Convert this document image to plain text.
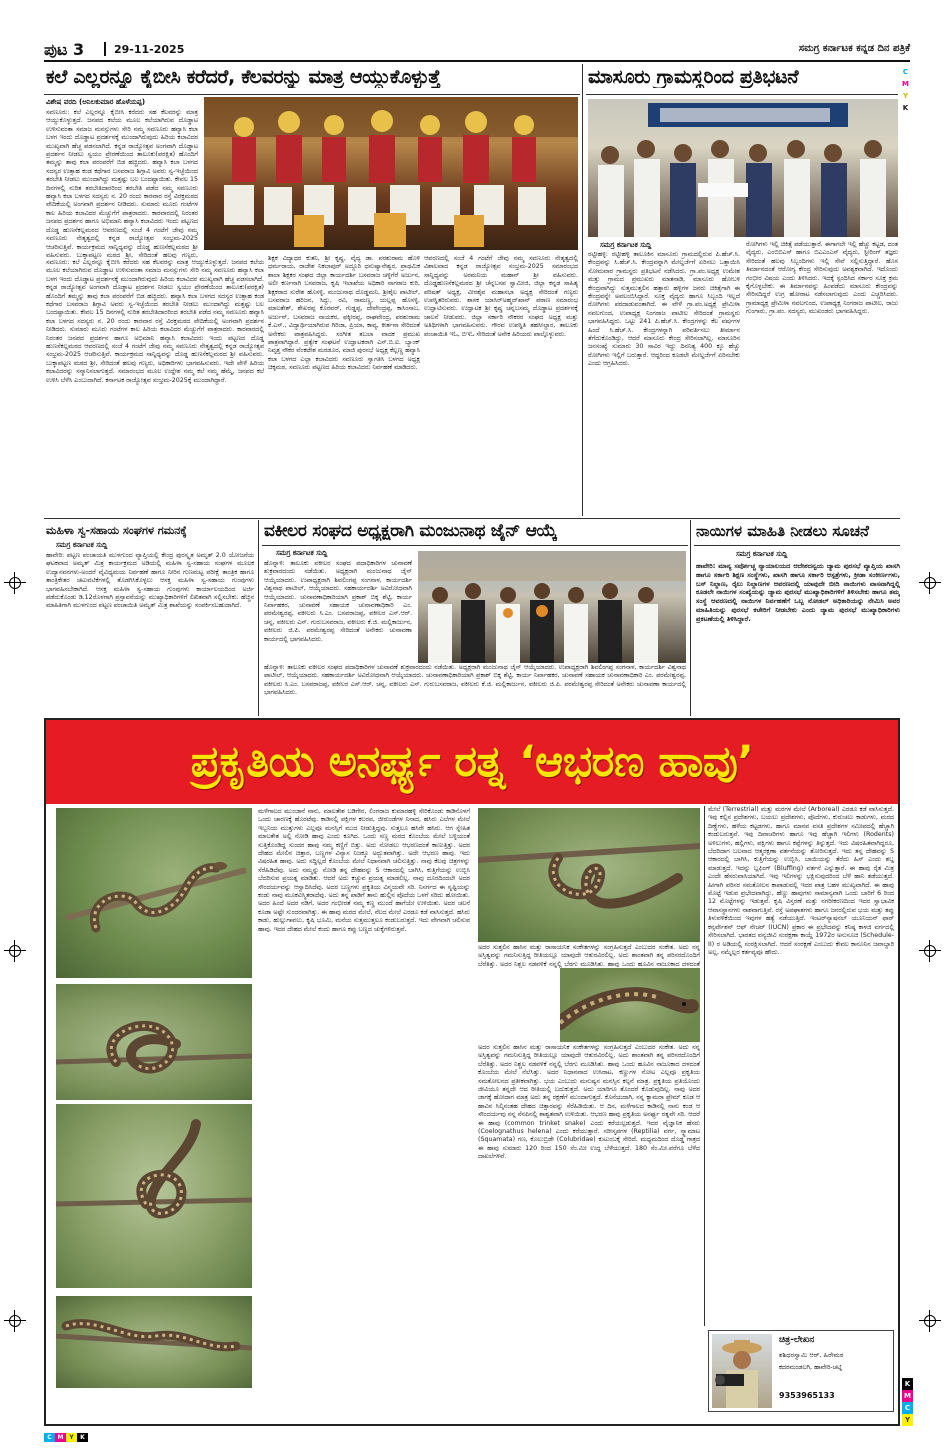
ಪುಟ 3	29-11-2025	ಸಮಗ್ರ ಕರ್ನಾಟಕ ಕನ್ನಡ ದಿನ ಪತ್ರಿಕೆ
C
M
Y
K
K
M
C
Y
C M Y	K
ಕಲೆ ಎಲ್ಲರನ್ನೂ ಕೈಬೀಸಿ ಕರೆದರೆ, ಕೆಲವರನ್ನು ಮಾತ್ರ ಆಯ್ದುಕೊಳ್ಳುತ್ತೆ
ವಿಶೇಷ ವರದಿ (ಅನಿಲಕುಮಾರ ಹೊಳೆಯಪ್ಪ)
ಸವಣೂರು: ಕಲೆ ಎಲ್ಲರನ್ನೂ ಕೈಬೀಸಿ ಕರೆದರು ಸಹ ಕೆಲವರನ್ನು ಮಾತ್ರ ಆಯ್ದುಕೊಳ್ಳುತ್ತದೆ. ಜನಪದ ಕಲೆಯ ಮೂಲ ಕಲೆಯಾಗಿರುವ ದೊಡ್ಡಾಟ ಉಳಿಸುವಂತಾ ಸಮಾಜ ಮನಸ್ಸುಗಳು ಸೇರಿ ನಮ್ಮ ಸವಣೂರು ಹವ್ಯಾಸಿ ಕಲಾ ಬಳಗ ಇಂದು ದೊಡ್ಡಾಟ ಪ್ರದರ್ಶನಕ್ಕೆ ಮುಂದಾಗಿರುವುದು ಹಿರಿಯ ಕಲಾವಿದರ ಮುಖ್ಯವಾಗಿ ಹೆಚ್ಚ ಪಡಸಲಾಗಿದೆ. ಕನ್ನಡ ರಾಜ್ಯೋತ್ಸವ ಅಂಗವಾಗಿ ದೊಡ್ಡಾಟ ಪ್ರದರ್ಶನ ನೀಡಲು ಸ್ವಯಂ ಪ್ರೇರಣೆಯಿಂದ ತಾಲೂಕು(ಪರಕ್ಷಿತ) ಹೊಂದಿಗೆ ತಮ್ಮನ್ನು ತಾವು ಕಲಾ ಪರಂಪರೆಗೆ ಬಿಡ ಹಚ್ಚಿದರು. ಹವ್ಯಾಸಿ ಕಲಾ ಬಳಗದ ಸದಸ್ಯರ ಉತ್ಸಾಹ ಕಂಡ ಕಥೆಗಾರ ಬಸವರಾಜ ಶಿಗ್ಗಾವಿ ಅವರು ಸ್ವ-ಇಚ್ಛೆಯಿಂದ ತರಬೇತಿ ನೀಡಲು ಮುಂದಾಗಿದ್ದು ಮತ್ತಷ್ಟು ಬಲ ಬಂದಷ್ಟಾಯಿತು. ಕೇವಲ 15 ದಿನಗಳಲ್ಲಿ ನುರಿತ ತರಬೇತಿದಾರರಿಂದ ತರಬೇತಿ ಪಡೆದ ನಮ್ಮ ಸವಣೂರು ಹವ್ಯಾಸಿ ಕಲಾ ಬಳಗದ ಸದಸ್ಯರು ನ. 20 ರಂದು ಕಾರವಾರ ರಸ್ತೆ ವಿರಕ್ತಮಠದ ವೇದಿಕೆಯಲ್ಲಿ ಅಂಗವಾಗಿ ಪ್ರದರ್ಶನ ನೀಡಿದರು. ಸುಮಾರು ಮೂರು ಗಂಟೆಗಳ ಕಾಲ ಹಿರಿಯ ಕಲಾವಿದರ ಮೆಚ್ಚುಗೆಗೆ ಪಾತ್ರರಾದರು. ಕಾರವಾರದಲ್ಲಿ ನಿರಂತರ ಜನಪದ ಪ್ರದರ್ಶನ ಹಾಗೂ ಅಭಿಮಾನಿ ಹವ್ಯಾಸಿ ಕಲಾವಿದರು ಇಂದು ಪಟ್ಟಣದ ದೊಡ್ಡ ಹುಣಸೆಕಲ್ಲಮಠದ ಆವರಣದಲ್ಲಿ ಸಂಜೆ 4 ಗಂಟೆಗೆ ಜೇವು ನಮ್ಮ ಸವಣೂರು ನೇತೃತ್ವದಲ್ಲಿ ಕನ್ನಡ ರಾಜ್ಯೋತ್ಸವ ಸಂಭ್ರಮ-2025 ಆಚರಿಸುತ್ತಿವೆ. ಕಾರ್ಯಕ್ರಮದ ಸಾನ್ನಿಧ್ಯವನ್ನು ದೊಡ್ಡ ಹುಣಸೆಕಲ್ಲಮಠದ ಶ್ರೀ ವಹಿಸುವರು. ಬುಕ್ಕಾಪಟ್ಟಣ ಮಠದ ಶ್ರೀ, ಸೇರಿದಂತೆ ಹಲವು ಗಣ್ಯರು,
ಸವಣೂರು: ಕಲೆ ಎಲ್ಲರನ್ನೂ ಕೈಬೀಸಿ ಕರೆದರು ಸಹ ಕೆಲವರನ್ನು ಮಾತ್ರ ಆಯ್ದುಕೊಳ್ಳುತ್ತದೆ. ಜನಪದ ಕಲೆಯ ಮೂಲ ಕಲೆಯಾಗಿರುವ ದೊಡ್ಡಾಟ ಉಳಿಸುವಂತಾ ಸಮಾಜ ಮನಸ್ಸುಗಳು ಸೇರಿ ನಮ್ಮ ಸವಣೂರು ಹವ್ಯಾಸಿ ಕಲಾ ಬಳಗ ಇಂದು ದೊಡ್ಡಾಟ ಪ್ರದರ್ಶನಕ್ಕೆ ಮುಂದಾಗಿರುವುದು ಹಿರಿಯ ಕಲಾವಿದರ ಮುಖ್ಯವಾಗಿ ಹೆಚ್ಚ ಪಡಸಲಾಗಿದೆ. ಕನ್ನಡ ರಾಜ್ಯೋತ್ಸವ ಅಂಗವಾಗಿ ದೊಡ್ಡಾಟ ಪ್ರದರ್ಶನ ನೀಡಲು ಸ್ವಯಂ ಪ್ರೇರಣೆಯಿಂದ ತಾಲೂಕು(ಪರಕ್ಷಿತ) ಹೊಂದಿಗೆ ತಮ್ಮನ್ನು ತಾವು ಕಲಾ ಪರಂಪರೆಗೆ ಬಿಡ ಹಚ್ಚಿದರು. ಹವ್ಯಾಸಿ ಕಲಾ ಬಳಗದ ಸದಸ್ಯರ ಉತ್ಸಾಹ ಕಂಡ ಕಥೆಗಾರ ಬಸವರಾಜ ಶಿಗ್ಗಾವಿ ಅವರು ಸ್ವ-ಇಚ್ಛೆಯಿಂದ ತರಬೇತಿ ನೀಡಲು ಮುಂದಾಗಿದ್ದು ಮತ್ತಷ್ಟು ಬಲ ಬಂದಷ್ಟಾಯಿತು. ಕೇವಲ 15 ದಿನಗಳಲ್ಲಿ ನುರಿತ ತರಬೇತಿದಾರರಿಂದ ತರಬೇತಿ ಪಡೆದ ನಮ್ಮ ಸವಣೂರು ಹವ್ಯಾಸಿ ಕಲಾ ಬಳಗದ ಸದಸ್ಯರು ನ. 20 ರಂದು ಕಾರವಾರ ರಸ್ತೆ ವಿರಕ್ತಮಠದ ವೇದಿಕೆಯಲ್ಲಿ ಅಂಗವಾಗಿ ಪ್ರದರ್ಶನ ನೀಡಿದರು. ಸುಮಾರು ಮೂರು ಗಂಟೆಗಳ ಕಾಲ ಹಿರಿಯ ಕಲಾವಿದರ ಮೆಚ್ಚುಗೆಗೆ ಪಾತ್ರರಾದರು. ಕಾರವಾರದಲ್ಲಿ ನಿರಂತರ ಜನಪದ ಪ್ರದರ್ಶನ ಹಾಗೂ ಅಭಿಮಾನಿ ಹವ್ಯಾಸಿ ಕಲಾವಿದರು ಇಂದು ಪಟ್ಟಣದ ದೊಡ್ಡ ಹುಣಸೆಕಲ್ಲಮಠದ ಆವರಣದಲ್ಲಿ ಸಂಜೆ 4 ಗಂಟೆಗೆ ಜೇವು ನಮ್ಮ ಸವಣೂರು ನೇತೃತ್ವದಲ್ಲಿ ಕನ್ನಡ ರಾಜ್ಯೋತ್ಸವ ಸಂಭ್ರಮ-2025 ಆಚರಿಸುತ್ತಿವೆ. ಕಾರ್ಯಕ್ರಮದ ಸಾನ್ನಿಧ್ಯವನ್ನು ದೊಡ್ಡ ಹುಣಸೆಕಲ್ಲಮಠದ ಶ್ರೀ ವಹಿಸುವರು. ಬುಕ್ಕಾಪಟ್ಟಣ ಮಠದ ಶ್ರೀ, ಸೇರಿದಂತೆ ಹಲವು ಗಣ್ಯರು, ಅಧಿಕಾರಿಗಳು ಭಾಗವಹಿಸುವರು. ಇದೇ ವೇಳೆ ಹಿರಿಯ ಕಲಾವಿದರನ್ನು ಸನ್ಮಾನಿಸಲಾಗುತ್ತದೆ. ಸಮಾರಂಭದ ಮೂಲ ಉದ್ದೇಶ ನಮ್ಮ ಕಲೆ ನಮ್ಮ ಹೆಮ್ಮೆ, ಜನಪದ ಕಲೆ ಉಳಿಸಿ ಬೆಳೆಸಿ ಎಂಬುದಾಗಿದೆ. ಕರ್ನಾಟಕ ರಾಜ್ಯೋತ್ಸವ ಸಂಭ್ರಮ-2025ಕ್ಕೆ ಮುಂದಾಗಿದ್ದಾರೆ.
ಶಿಕ್ಷಕ ವಿದ್ಯಾಧರ ಕುತನಿ, ಶ್ರೀ ಕೃಷ್ಣ, ವೈದ್ಯ ಡಾ. ಪರಶುರಾಮ ಹೊಳಿ ಧರ್ಮರಾಯ, ರಾಜೇಶ ನಿಕಲಾಪುರ್ ಅದ್ದೂರಿ ಧನುಷ್ಯಾನೇಶ್ವರ, ಪ್ರಾಥಮಿಕ ಶಾಲಾ ಶಿಕ್ಷಕರ ಸಂಘದ ಜಿಲ್ಲಾ ಕಾರ್ಯದರ್ಶಿ ಬಸವರಾಜ ಚಳ್ಳಿಗೆರೆ ಅರ್ಜುನ, ಅಲೀ ಕರ್ಣನಾಗಿ ಬಸವರಾಜ, ಕೃಷಿ ಇಲಾಖೆಯ ಅಧಿಕಾರಿ ನಾಗರಾಜ ಕುರಿ, ಶಿಕ್ಷಕರಾದ ಸುರೇಶ ಹೊಸಳ್ಳಿ, ಮಂಜುನಾಥ ದೊಡ್ಡಮನಿ, ಶ್ರೀಶೈಲ ಪಾಟೀಲ್, ಬಸವರಾಜ ಹರಿಜನ, ಸಿದ್ದು, ರವಿ, ರಾಮಣ್ಣ, ಯಲ್ಲಪ್ಪ ಹೊಸಳ್ಳಿ, ಮಾಲತೇಶ್, ಶೇಖರಪ್ಪ ಕೊರವರ್, ಗುಡ್ಡಪ್ಪ, ದೇವೇಂದ್ರಪ್ಪ, ಕಾಸಿಂಸಾಬ, ಅರ್ಜುನ್, ಬಸವರಾಜ ನಾಯಕರ, ಫಕ್ಕೀರಪ್ಪ, ರಾಘವೇಂದ್ರ, ಪರಶುರಾಮ ಕೆ.ಎಸ್., ವಿದ್ಯಾರ್ಥಿಯಾಗಿರುವ ಗಿರಿಜಾ, ಪ್ರಿಯಾ, ಕಾವ್ಯ, ಕೀರ್ತನಾ ಸೇರಿದಂತೆ ಅನೇಕರು ಪಾತ್ರವಹಿಸಿದ್ದರು. ಸಂಗೀತ ತಬಲಾ ವಾದಕ ಪ್ರಮುಖ ಪಾತ್ರವಾಗಿದ್ದಾರೆ. ಪ್ರತ್ಯೇಕ ಸಂಘಟನೆ ಉದ್ಘಾಟಕರಾಗಿ ಎಸ್.ಬಿ.ಐ. ಬ್ಯಾಂಕ್ ನಿವೃತ್ತ ನೌಕರ ವೆಂಕಟೇಶ ಮರಡೂರ, ಮಾಜಿ ಪುರಸಭೆ ಅಧ್ಯಕ್ಷ ಕೆಲ್ಲಣ್ಣ ಹವ್ಯಾಸಿ ಕಲಾ ಬಳಗದ ಎಲ್ಲಾ ಕಲಾವಿದರು ಸವಣೂರು ಸ್ವಾಗತಿಸಿ ಬಳಗದ ಅಧ್ಯಕ್ಷ ಚಿಕ್ಕಮಠ, ಸವಣೂರು ಪಟ್ಟಣದ ಹಿರಿಯ ಕಲಾವಿದರು ನಿರ್ವಹಣೆ ಮಾಡಿದರು.
ಆವರಣದಲ್ಲಿ ಸಂಜೆ 4 ಗಂಟೆಗೆ ಜೇವು ನಮ್ಮ ಸವಣೂರು ನೇತೃತ್ವದಲ್ಲಿ ವಿಶಾಲವಾದ ಕನ್ನಡ ರಾಜ್ಯೋತ್ಸವ ಸಂಭ್ರಮ-2025 ಸಮಾರಂಭದ ಸಾನ್ನಿಧ್ಯವನ್ನು ಅರಮನಿಯ ಮಹಾನ್ ಶ್ರೀ ವಹಿಸುವರು. ದೊಡ್ಡಹುಣಸೆಕಲ್ಲಮಠದ ಶ್ರೀ ಚೆನ್ನಬಸವ ಸ್ವಾಮೀಜಿ, ಜಿಲ್ಲಾ ಕನ್ನಡ ಸಾಹಿತ್ಯ ಪರಿಷತ್ ಅಧ್ಯಕ್ಷ, ವೀರಶೈವ ಮಹಾಸಭಾ ಅಧ್ಯಕ್ಷ ಸೇರಿದಂತೆ ಗಣ್ಯರು ಉಪಸ್ಥಿತರಿರುವರು. ಶಾಸಕ ಯಾಸಿರ್‌ಅಹ್ಮದ್‌ಖಾನ್ ಪಠಾಣ ಸಮಾರಂಭ ಉದ್ಘಾಟಿಸುವರು. ಉದ್ಘಾಟಕ ಶ್ರೀ ಕೃಷ್ಣ ಚನ್ನಬಸಮ್ಮ ದೊಡ್ಡಾಟ ಪ್ರದರ್ಶನಕ್ಕೆ ಚಾಲನೆ ನೀಡುವರು. ಜಿಲ್ಲಾ ಸರ್ಕಾರಿ ನೌಕರರ ಸಂಘದ ಅಧ್ಯಕ್ಷ ಮತ್ತು ಅತಿಥಿಗಳಾಗಿ ಭಾಗವಹಿಸುವರು. ಗೌರವ ಉಪಸ್ಥಿತಿ ತಹಸೀಲ್ದಾರ, ತಾಲೂಕು ಪಂಚಾಯಿತಿ ಇಓ, ಬಿಇಓ ಸೇರಿದಂತೆ ಅನೇಕ ಹಿರಿಯರು ಪಾಲ್ಗೊಳ್ಳುವರು.
ಮಾಸೂರು ಗ್ರಾಮಸ್ಥರಿಂದ ಪ್ರತಿಭಟನೆ
ಸಮಗ್ರ ಕರ್ನಾಟಕ ಸುದ್ದಿ
ರಟ್ಟೀಹಳ್ಳಿ: ರಟ್ಟೀಹಳ್ಳಿ ತಾಲೂಕಿನ ಮಾಸೂರು ಗ್ರಾಮದಲ್ಲಿರುವ ಪಿ.ಹೆಚ್.ಸಿ. ಕೇಂದ್ರವನ್ನು ಸಿ.ಹೆಚ್.ಸಿ. ಕೇಂದ್ರವನ್ನಾಗಿ ಮೇಲ್ದರ್ಜೆಗೆ ಏರಿಸಲು ಒತ್ತಾಯಿಸಿ ಸೋಮವಾರ ಗ್ರಾಮಸ್ಥರು ಪ್ರತಿಭಟನೆ ನಡೆಸಿದರು. ಗ್ರಾ.ಪಂ.ಅಧ್ಯಕ್ಷ ಉಮೇಶ ಮತ್ತು ಗ್ರಾಮದ ಪ್ರಮುಖರು ಮಾತನಾಡಿ, ಮಾಸೂರು ಹೋಬಳಿ ಕೇಂದ್ರವಾಗಿದ್ದು ಸುತ್ತಮುತ್ತಲಿನ ಹತ್ತಾರು ಹಳ್ಳಿಗಳ ಜನರು ಚಿಕಿತ್ಸೆಗಾಗಿ ಈ ಕೇಂದ್ರವನ್ನೇ ಅವಲಂಬಿಸಿದ್ದಾರೆ. ಸೂಕ್ತ ವೈದ್ಯರು ಹಾಗೂ ಸಿಬ್ಬಂದಿ ಇಲ್ಲದೆ ರೋಗಿಗಳು ಪರದಾಡುವಂತಾಗಿದೆ. ಈ ವೇಳೆ ಗ್ರಾ.ಪಂ.ಅಧ್ಯಕ್ಷೆ ಪ್ರೇಮಿಳಾ ನವಲಗುಂದ, ಉಪಾಧ್ಯಕ್ಷ ನಿಂಗರಾಜ ಪಾಟೀಲ ಸೇರಿದಂತೆ ಗ್ರಾಮಸ್ಥರು ಭಾಗವಹಿಸಿದ್ದರು. ಒಟ್ಟು 241 ಪಿ.ಹೆಚ್.ಸಿ. ಕೇಂದ್ರಗಳನ್ನು ಕೆಲ ವರ್ಷಗಳ ಹಿಂದೆ ಸಿ.ಹೆಚ್.ಸಿ. ಕೇಂದ್ರಗಳನ್ನಾಗಿ ಪರಿವರ್ತಿಸಲು ತೀರ್ಮಾನ ತೆಗೆದುಕೊಂಡಿದ್ದು, ಆದರೆ ಮಾಸೂರು ಕೇಂದ್ರ ಸೇರಿಸಲಾಗಿಲ್ಲ. ಮಾಸೂರಿನ ಜನಸಂಖ್ಯೆ ಸುಮಾರು 30 ಸಾವಿರ ಇದ್ದು ದಿನನಿತ್ಯ 400 ಕ್ಕೂ ಹೆಚ್ಚು ರೋಗಿಗಳು ಇಲ್ಲಿಗೆ ಬರುತ್ತಾರೆ. ಆದ್ದರಿಂದ ಕೂಡಲೇ ಮೇಲ್ದರ್ಜೆಗೆ ಏರಿಸಬೇಕು ಎಂದು ಆಗ್ರಹಿಸಿದರು.
ರೋಗಿಗಳು ಇಲ್ಲಿ ಚಿಕಿತ್ಸೆ ಪಡೆಯುತ್ತಾರೆ. ಈಗಾಗಲೇ ಇಲ್ಲಿ ಹೆಚ್ಚು ಕಟ್ಟಡ, ದಂತ ವೈದ್ಯರು, ಎಂಬಿಬಿಎಸ್ ಹಾಗೂ ಬಿಎಎಂಎಸ್ ವೈದ್ಯರು, ಸ್ಟೀರಿಂಗ್ ತಜ್ಞರು ಸೇರಿದಂತೆ ಹಲವು ಸಿಬ್ಬಂದಿಗಳು ಇಲ್ಲಿ ಸೇವೆ ಸಲ್ಲಿಸುತ್ತಿದ್ದಾರೆ. ಹೊಸ ತಿರ್ಮಾನದಂತೆ ಆರೋಗ್ಯ ಕೇಂದ್ರ ಸೇರಿಸುವುದು ಅವಶ್ಯಕವಾಗಿದೆ. ಇದೊಂದು ಗಂಭೀರ ವಿಷಯ ಎಂದು ತಿಳಿಸಿದರು. ಇದಕ್ಕೆ ಸ್ಪಂದಿಸಿದ ಸರ್ಕಾರ ಸೂಕ್ತ ಕ್ರಮ ಕೈಗೊಳ್ಳಬೇಕು. ಈ ತಿರ್ಮಾನವನ್ನು ಹಿಂಪಡೆದು ಮಾಸೂರು ಕೇಂದ್ರವನ್ನು ಸೇರಿಸದಿದ್ದರೆ ಉಗ್ರ ಹೋರಾಟ ನಡೆಸಲಾಗುವುದು ಎಂದು ಎಚ್ಚರಿಸಿದರು. ಗ್ರಾಮಾಧ್ಯಕ್ಷ ಪ್ರೇಮಿಳಾ ನವಲಗುಂದ, ಉಪಾಧ್ಯಕ್ಷ ನಿಂಗರಾಜ ಪಾಟೀಲ, ರಾಜು ಗುಂಗಾರು, ಗ್ರಾ.ಪಂ. ಸದಸ್ಯರು, ಮುಖಂಡರು ಭಾಗವಹಿಸಿದ್ದರು.
ಮಹಿಳಾ ಸ್ವ-ಸಹಾಯ ಸಂಘಗಳ ಗಮನಕ್ಕೆ
ಸಮಗ್ರ ಕರ್ನಾಟಕ ಸುದ್ದಿ
ಹಾವೇರಿ: ಪಟ್ಟಣ ಪಂಚಾಯತಿ ಮುಳಗುಂದ ವ್ಯಾಪ್ತಿಯಲ್ಲಿ ಕೇಂದ್ರ ಪುರಸ್ಕೃತ ಅಮೃತ್ 2.0 ಯೋಜನೆಯ ಘಟಕವಾದ ಅಮೃತ್ ಮಿತ್ರ ಕಾರ್ಯಕ್ರಮದ ಅಡಿಯಲ್ಲಿ ಮಹಿಳಾ ಸ್ವ-ಸಹಾಯ ಸಂಘಗಳ ಮೂಲಕ ಉದ್ಯಾನವನಗಳು-ಅಂದರೆ ವೈವಿಧ್ಯಮಯ ನಿರ್ವಹಣೆ ಹಾಗೂ ನೀರಿನ ಗುಣಮಟ್ಟ ಪರೀಕ್ಷೆ ತಾಂತ್ರಿಕ ಹಾಗೂ ತಾಂತ್ರಿಕೇತರ ಚಟುವಟಿಕೆಗಳಲ್ಲಿ ತೊಡಗಿಸಿಕೊಳ್ಳಲು ಆಸಕ್ತ ಮಹಿಳಾ ಸ್ವ-ಸಹಾಯ ಗುಂಪುಗಳು ಭಾಗವಹಿಸಬೇಕಾಗಿದೆ. ಆಸಕ್ತ ಮಹಿಳಾ ಸ್ವ-ಸಹಾಯ ಗುಂಪುಗಳು ಕಾರ್ಯಾಲಯದಿಂದ ಅರ್ಜಿ ಪಡೆದುಕೊಂಡು ಡಿ.12ರೊಳಗಾಗಿ ಪ್ರಸ್ತಾವನೆಯನ್ನು ಮುಖ್ಯಾಧಿಕಾರಿಗಳಿಗೆ ಲಿಖಿತವಾಗಿ ಸಲ್ಲಿಸಬೇಕು. ಹೆಚ್ಚಿನ ಮಾಹಿತಿಗಾಗಿ ಮುಳಗುಂದ ಪಟ್ಟಣ ಪಂಚಾಯಿತಿ ಅಮೃತ್ ಮಿತ್ರ ಶಾಖೆಯನ್ನು ಸಂಪರ್ಕಿಸಬಹುದಾಗಿದೆ.
ವಕೀಲರ ಸಂಘದ ಅಧ್ಯಕ್ಷರಾಗಿ ಮಂಜುನಾಥ ಜೈನ್ ಆಯ್ಕೆ
ಸಮಗ್ರ ಕರ್ನಾಟಕ ಸುದ್ದಿ
ಹೊನ್ನಾಳಿ: ತಾಲೂಕು ವಕೀಲರ ಸಂಘದ ಪದಾಧಿಕಾರಿಗಳ ಚುನಾವಣೆ ಶುಕ್ರವಾರದಂದು ನಡೆಯಿತು. ಅಧ್ಯಕ್ಷರಾಗಿ ಮಂಜುನಾಥ ಜೈನ್ ಆಯ್ಕೆಯಾದರು. ಉಪಾಧ್ಯಕ್ಷರಾಗಿ ಶಿವಲಿಂಗಪ್ಪ ಸಂಗನಾಳ, ಕಾರ್ಯದರ್ಶಿ ವಿಶ್ವನಾಥ ಪಾಟೀಲ್, ಆಯ್ಕೆಯಾದರು. ಸಹಕಾರ್ಯದರ್ಶಿ ಅವಿರೋಧವಾಗಿ ಆಯ್ಕೆಯಾದರು. ಚುನಾವಣಾಧಿಕಾರಿಯಾಗಿ ಪ್ರಕಾಶ್ ಬಿಕ್ಕ ಶೆಟ್ಟಿ, ಕಾರ್ಯ ನಿರ್ವಾಹಕರ, ಚುನಾವಣೆ ಸಹಾಯಕ ಚುನಾವಣಾಧಿಕಾರಿ ಎಂ. ಪರಮೇಶ್ವರಪ್ಪ, ವಕೀಲರು ಸಿ.ಎಂ. ಬಸವರಾಜಪ್ಪ, ವಕೀಲರ ಎಸ್.ಆರ್. ಚನ್ನ, ವಕೀಲರು ಎಸ್. ಗುರುಬಸವರಾಜ, ವಕೀಲರು ಕೆ.ಜಿ. ಮಲ್ಲಿಕಾರ್ಜುನ, ವಕೀಲರು ಜಿ.ಪಿ. ಪರಮೇಶ್ವರಪ್ಪ ಸೇರಿದಂತೆ ಅನೇಕರು ಚುನಾವಣಾ ಕಾರ್ಯದಲ್ಲಿ ಭಾಗವಹಿಸಿದರು.
ಹೊನ್ನಾಳಿ: ತಾಲೂಕು ವಕೀಲರ ಸಂಘದ ಪದಾಧಿಕಾರಿಗಳ ಚುನಾವಣೆ ಶುಕ್ರವಾರದಂದು ನಡೆಯಿತು. ಅಧ್ಯಕ್ಷರಾಗಿ ಮಂಜುನಾಥ ಜೈನ್ ಆಯ್ಕೆಯಾದರು. ಉಪಾಧ್ಯಕ್ಷರಾಗಿ ಶಿವಲಿಂಗಪ್ಪ ಸಂಗನಾಳ, ಕಾರ್ಯದರ್ಶಿ ವಿಶ್ವನಾಥ ಪಾಟೀಲ್, ಆಯ್ಕೆಯಾದರು. ಸಹಕಾರ್ಯದರ್ಶಿ ಅವಿರೋಧವಾಗಿ ಆಯ್ಕೆಯಾದರು. ಚುನಾವಣಾಧಿಕಾರಿಯಾಗಿ ಪ್ರಕಾಶ್ ಬಿಕ್ಕ ಶೆಟ್ಟಿ, ಕಾರ್ಯ ನಿರ್ವಾಹಕರ, ಚುನಾವಣೆ ಸಹಾಯಕ ಚುನಾವಣಾಧಿಕಾರಿ ಎಂ. ಪರಮೇಶ್ವರಪ್ಪ, ವಕೀಲರು ಸಿ.ಎಂ. ಬಸವರಾಜಪ್ಪ, ವಕೀಲರ ಎಸ್.ಆರ್. ಚನ್ನ, ವಕೀಲರು ಎಸ್. ಗುರುಬಸವರಾಜ, ವಕೀಲರು ಕೆ.ಜಿ. ಮಲ್ಲಿಕಾರ್ಜುನ, ವಕೀಲರು ಜಿ.ಪಿ. ಪರಮೇಶ್ವರಪ್ಪ ಸೇರಿದಂತೆ ಅನೇಕರು ಚುನಾವಣಾ ಕಾರ್ಯದಲ್ಲಿ ಭಾಗವಹಿಸಿದರು.
ನಾಯಿಗಳ ಮಾಹಿತಿ ನೀಡಲು ಸೂಚನೆ
ಸಮಗ್ರ ಕರ್ನಾಟಕ ಸುದ್ದಿ
ಹಾವೇರಿ: ಮಾನ್ಯ ಸರ್ವೋಚ್ಚ ನ್ಯಾಯಾಲಯದ ಆದೇಶದನ್ವಯ ಜ್ಯಾಮ ಪುರಸಭೆ ವ್ಯಾಪ್ತಿಯ ಖಾಸಗಿ ಹಾಗೂ ಸರ್ಕಾರಿ ಶಿಕ್ಷಣ ಸಂಸ್ಥೆಗಳು, ಖಾಸಗಿ ಹಾಗೂ ಸರ್ಕಾರಿ ಆಸ್ಪತ್ರೆಗಳು, ಕ್ರೀಡಾ ಸಂಕೀರ್ಣಗಳು, ಬಸ್ ನಿಲ್ದಾಣ, ರೈಲು ನಿಲ್ದಾಣಗಳ ಆವರಣದಲ್ಲಿ ಯಾವುದೇ ಬೀದಿ ನಾಯಿಗಳು ವಾಸವಾಗಿದ್ದಲ್ಲಿ ಕೂಡಲೇ ನಾಯಿಗಳ ಸಂಖ್ಯೆಯನ್ನು ಜ್ಯಾಮ ಪುರಸಭೆ ಮುಖ್ಯಾಧಿಕಾರಿಗಳಿಗೆ ತಿಳಿಸಬೇಕು ಹಾಗೂ ತಮ್ಮ ಸಂಸ್ಥೆ ಆವರಣದಲ್ಲಿ ನಾಯಿಗಳ ನಿರ್ವಹಣೆಗೆ ಒಬ್ಬ ನೋಡಲ್ ಅಧಿಕಾರಿಯನ್ನು ನೇಮಿಸಿ ಅವರ ಮಾಹಿತಿಯನ್ನು ಪುರಸಭೆ ಕಚೇರಿಗೆ ನೀಡಬೇಕು ಎಂದು ಜ್ಯಾಮ ಪುರಸಭೆ ಮುಖ್ಯಾಧಿಕಾರಿಗಳು ಪ್ರಕಟಣೆಯಲ್ಲಿ ತಿಳಿಸಿದ್ದಾರೆ.
ಪ್ರಕೃತಿಯ ಅನರ್ಘ್ಯ ರತ್ನ ‘ಆಭರಣ ಹಾವು’
ಮಳೆಗಾಲದ ಮುಂಜಾನೆ ನಾನು, ಮಾಲತೇಶ ಬಡಿಗೇರ, ಲಿಂಗರಾಜ ಕುಮಾರಹಳ್ಳಿ ಸೇರಿಕೊಂಡು ಕಾಡಿನೊಳಗೆ ಒಂದು ಚಾರಣಕ್ಕೆ ಹೊರಟೆವು. ಕಾಡಿನಲ್ಲಿ ಪಕ್ಷಿಗಳ ಕಲರವ, ಜೀರುಂಡೆಗಳ ನಿನಾದ, ಹಸಿರು ಎಲೆಗಳ ಮೇಲೆ ಇಬ್ಬನಿಯ ಮುತ್ತುಗಳು ಎಲ್ಲವೂ ಮನಸ್ಸಿಗೆ ಮುದ ನೀಡುತ್ತಿದ್ದವು. ಸುತ್ತಲೂ ಹಸಿರೇ ಹಸಿರು. ಆಗ ಸ್ನೇಹಿತ ಮಾಲತೇಶ ಅಲ್ಲಿ ನೋಡಿ ಹಾವು ಎಂದು ಕೂಗಿದ. ಒಂದು ಸಣ್ಣ ಮರದ ಕೊಂಬೆಯ ಮೇಲೆ ಬಳ್ಳಿಯಂತೆ ಸುತ್ತಿಕೊಂಡಿದ್ದ ಸುಂದರ ಹಾವು ನಮ್ಮ ಕಣ್ಣಿಗೆ ಬಿತ್ತು. ಅದು ನೋಡಲು ಆಭರಣದಂತೆ ಕಾಣುತ್ತಿತ್ತು. ಅದರ ದೇಹದ ಮೇಲಿನ ಚಿತ್ತಾರ, ಬಣ್ಣಗಳ ವಿನ್ಯಾಸ ನಿಜಕ್ಕೂ ಅದ್ಭುತವಾಗಿತ್ತು. ಅದೇ ಆಭರಣ ಹಾವು. ಇದು ವಿಷರಹಿತ ಹಾವು. ಅದು ಸದ್ದಿಲ್ಲದೆ ಕೊಂಬೆಯ ಮೇಲೆ ನಿಧಾನವಾಗಿ ಚಲಿಸುತ್ತಿತ್ತು. ನಾವು ಕೆಲವು ಚಿತ್ರಗಳನ್ನು ಸೆರೆಹಿಡಿದೆವು. ಅದು ನಮ್ಮನ್ನು ನೋಡಿ ತನ್ನ ದೇಹವನ್ನು S ಆಕಾರದಲ್ಲಿ ಬಾಗಿಸಿ, ಕುತ್ತಿಗೆಯನ್ನು ಉಬ್ಬಿಸಿ ಬೆದರಿಸುವ ಪ್ರಯತ್ನ ಮಾಡಿತು. ಆದರೆ ಅದು ಕಚ್ಚುವ ಪ್ರಯತ್ನ ಮಾಡಲಿಲ್ಲ. ನಾವು ದೂರದಿಂದಲೇ ಅದರ ಸೌಂದರ್ಯವನ್ನು ಆಸ್ವಾದಿಸಿದೆವು. ಅದರ ಬಣ್ಣಗಳು ಪ್ರಕೃತಿಯ ವಿಸ್ಮಯವೇ ಸರಿ. ನಿಸರ್ಗದ ಈ ಸೃಷ್ಟಿಯನ್ನು ಕಂಡು ನಾವು ಮೂಕವಿಸ್ಮಿತರಾದೆವು. ಅದು ತನ್ನ ಪಾಡಿಗೆ ತಾನು ಹುಲ್ಲಿನ ಪೊದೆಯ ಒಳಗೆ ಸರಿದು ಹೋಯಿತು. ಅದರ ಹಿಂದೆ ಅದರ ನಡಿಗೆ, ಅದರ ಗಂಭೀರತೆ ನಮ್ಮ ಕಣ್ಣ ಮುಂದೆ ಹಾಗೆಯೇ ಉಳಿಯಿತು. ಅದರ ಚಲನೆ ಕೂಡಾ ಅಷ್ಟೇ ಸುಂದರವಾಗಿತ್ತು. ಈ ಹಾವು ಮರದ ಮೇಲೆ, ನೆಲದ ಮೇಲೆ ಎರಡೂ ಕಡೆ ವಾಸಿಸುತ್ತದೆ. ಹಸಿರು ಕಾಡು, ಹುಲ್ಲುಗಾವಲು, ಕೃಷಿ ಭೂಮಿ, ಮನೆಯ ಸುತ್ತಮುತ್ತಲೂ ಕಂಡುಬರುತ್ತದೆ. ಇದು ವೇಗವಾಗಿ ಚಲಿಸುವ ಹಾವು. ಇದರ ದೇಹದ ಮೇಲೆ ಕಂದು ಹಾಗೂ ಕಪ್ಪು ಬಣ್ಣದ ಚುಕ್ಕೆಗಳಿರುತ್ತವೆ.
ಅದರ ಸುತ್ತಲಿನ ಹಾಸಿನ ಮತ್ತು ರಾಸಾಯನಿಕ ಸಂಕೇತಗಳನ್ನು ಸಂಗ್ರಹಿಸುತ್ತದೆ ಎಂಬುದರ ಸಂಕೇತ. ಅದು ನನ್ನ ಅಸ್ತಿತ್ವವನ್ನು ಗಮನಿಸುತ್ತಿದ್ದ ರೀತಿಯಲ್ಲೂ ಯಾವುದೇ ಆತುರವಿರಲಿಲ್ಲ. ಅದು ಶಾಂತವಾಗಿ ತನ್ನ ಪರಿಸರದೊಂದಿಗೆ ಬೆರೆತಿತ್ತು. ಅದರ ನಿಶ್ಚಲ ನಡವಳಿಕೆ ನನ್ನಲ್ಲಿ ಬೆರಗು ಮೂಡಿಸಿತು. ಹಾವು ಒಂದು ಹೂವಿನ ನಾಜೂಕಾದ ದಳದಂತೆ
ಅದರ ಸುತ್ತಲಿನ ಹಾಸಿನ ಮತ್ತು ರಾಸಾಯನಿಕ ಸಂಕೇತಗಳನ್ನು ಸಂಗ್ರಹಿಸುತ್ತದೆ ಎಂಬುದರ ಸಂಕೇತ. ಅದು ನನ್ನ ಅಸ್ತಿತ್ವವನ್ನು ಗಮನಿಸುತ್ತಿದ್ದ ರೀತಿಯಲ್ಲೂ ಯಾವುದೇ ಆತುರವಿರಲಿಲ್ಲ. ಅದು ಶಾಂತವಾಗಿ ತನ್ನ ಪರಿಸರದೊಂದಿಗೆ ಬೆರೆತಿತ್ತು. ಅದರ ನಿಶ್ಚಲ ನಡವಳಿಕೆ ನನ್ನಲ್ಲಿ ಬೆರಗು ಮೂಡಿಸಿತು. ಹಾವು ಒಂದು ಹೂವಿನ ನಾಜೂಕಾದ ದಳದಂತೆ ಕೊಂಬೆಯ ಮೇಲೆ ನೆಲೆಸಿತ್ತು. ಅದರ ನಿಧಾನವಾದ ಉಸಿರಾಟ, ಕಣ್ಣುಗಳ ನೋಟ ಎಲ್ಲವೂ ಪ್ರಕೃತಿಯ ಸಮತೋಲನದ ಪ್ರತೀಕವಾಗಿತ್ತು. ಭಯ ಎಂಬುದು ಮನುಷ್ಯನ ಮನಸ್ಸಿನ ಕಲ್ಪನೆ ಮಾತ್ರ. ಪ್ರಕೃತಿಯ ಪ್ರತಿಯೊಂದು ಜೀವಿಯೂ ತನ್ನದೇ ಆದ ರೀತಿಯಲ್ಲಿ ಬದುಕುತ್ತದೆ. ಅದು ಯಾರಿಗೂ ತೊಂದರೆ ಕೊಡುವುದಿಲ್ಲ. ನಾವು ಅದರ ಜಾಗಕ್ಕೆ ಹೋದಾಗ ಮಾತ್ರ ಅದು ತನ್ನ ರಕ್ಷಣೆಗೆ ಮುಂದಾಗುತ್ತದೆ. ಕೊನೆಯದಾಗಿ, ನನ್ನ ಕ್ಯಾಮರಾ ಫ್ರೇಮ್ ಕೂಡ ಆ ಹಾವಿನ ಸಿಲ್ಕಿನಂತಹ ದೇಹದ ಚಿತ್ತಾರವನ್ನು ಸೆರೆಹಿಡಿಯಿತು. ಆ ದಿನ, ಮಳೆಗಾಲದ ಕಾಡಿನಲ್ಲಿ ನಾನು ಕಂಡ ಆ ಸೌಂದರ್ಯವು ನನ್ನ ನೆನಪಿನಲ್ಲಿ ಶಾಶ್ವತವಾಗಿ ಉಳಿಯಿತು. ಆಭರಣ ಹಾವು ಪ್ರಕೃತಿಯ ಅನರ್ಘ್ಯ ರತ್ನವೇ ಸರಿ. ಆದರೆ ಈ ಹಾವು (common trinket snake) ಎಂದು ಕರೆಯಲ್ಪಡುತ್ತದೆ. ಇದರ ವೈಜ್ಞಾನಿಕ ಹೆಸರು (Coelognathus helena) ಎಂದು ಕರೆಯುತ್ತಾರೆ. ಸರೀಸೃಪಗಳ (Reptilia) ವರ್ಗ, ಸ್ಕ್ವಾಮಾಟ (Squamata) ಗಣ, ಕೊಲುಬ್ರಿಡೇ (Colubridae) ಕುಟುಂಬಕ್ಕೆ ಸೇರಿದೆ. ಮಧ್ಯಮದಿಂದ ದೊಡ್ಡ ಗಾತ್ರದ ಈ ಹಾವು ಸುಮಾರು 120 ರಿಂದ 150 ಸೆಂ.ಮೀ ಉದ್ದ ಬೆಳೆಯುತ್ತದೆ. 180 ಸೆಂ.ಮೀ.ವರೆಗೂ ಬೆಳೆದ ದಾಖಲೆಗಳಿವೆ.
ಮೇಲೆ (Terrestrial) ಮತ್ತು ಮರಗಳ ಮೇಲೆ (Arboreal) ಎರಡೂ ಕಡೆ ವಾಸಿಸುತ್ತದೆ. ಇವು ಕಲ್ಲಿನ ಪ್ರದೇಶಗಳು, ಬಯಲು ಪ್ರದೇಶಗಳು, ಪೊದೆಗಳು, ಕುರುಚಲು ಕಾಡುಗಳು, ಮರದ ದಿಣ್ಣೆಗಳು, ಹಳೆಯ ಕಟ್ಟಡಗಳು, ಹಾಗೂ ಮಾನವ ವಸತಿ ಪ್ರದೇಶಗಳ ಸಮೀಪದಲ್ಲಿ ಹೆಚ್ಚಾಗಿ ಕಂಡುಬರುತ್ತವೆ. ಇವು ದಿವಾಚರಿಗಳು ಹಾಗೂ ಇವು ಹೆಚ್ಚಾಗಿ ಇಲಿಗಳು (Rodents) ಅಳಿಲುಗಳು, ಹಲ್ಲಿಗಳು, ಪಕ್ಷಿಗಳು ಹಾಗೂ ಕಪ್ಪೆಗಳನ್ನು ತಿನ್ನುತ್ತದೆ. ಇದು ವಿಷರಹಿತವಾಗಿದ್ದರೂ, ಬೆದರಿದಾಗ ಬಲವಾದ ಆತ್ಮರಕ್ಷಣಾ ವರ್ತನೆಯನ್ನು ತೋರಿಸುತ್ತದೆ. ಇದು ತನ್ನ ದೇಹವನ್ನು S ಆಕಾರದಲ್ಲಿ ಬಾಗಿಸಿ, ಕುತ್ತಿಗೆಯನ್ನು ಉಬ್ಬಿಸಿ, ಬಾಯಿಯನ್ನು ತೆರೆದು ಹಿಸ್ ಎಂದು ಶಬ್ದ ಮಾಡುತ್ತದೆ. ಇದನ್ನು ಬ್ಲಫಿಂಗ್ (Bluffing) ವರ್ತನೆ ಎನ್ನುತ್ತಾರೆ. ಈ ಹಾವು ರೈತ ಮಿತ್ರ ಎಂದೇ ಹೆಸರುವಾಸಿಯಾಗಿದೆ. ಇವು ಇಲಿಗಳನ್ನು ಭಕ್ಷಿಸುವುದರಿಂದ ಬೆಳೆ ಹಾನಿ ತಡೆಯುತ್ತದೆ. ಹೀಗಾಗಿ ಪರಿಸರ ಸಮತೋಲನ ಕಾಪಾಡುವಲ್ಲಿ ಇದರ ಪಾತ್ರ ಬಹಳ ಮುಖ್ಯವಾಗಿದೆ. ಈ ಹಾವು ಮೊಟ್ಟೆ ಇಡುವ ಪ್ರಭೇದವಾಗಿದ್ದು, ಹೆಣ್ಣು ಹಾವುಗಳು ಸಾಮಾನ್ಯವಾಗಿ ಒಂದು ಬಾರಿಗೆ 6 ರಿಂದ 12 ಮೊಟ್ಟೆಗಳನ್ನು ಇಡುತ್ತವೆ. ಕೃಷಿ ವಿಸ್ತರಣೆ ಮತ್ತು ನಗರೀಕರಣದಿಂದ ಇದರ ಸ್ವಾಭಾವಿಕ ಆವಾಸಸ್ಥಾನಗಳು ನಾಶವಾಗುತ್ತಿವೆ. ರಸ್ತೆ ಅಪಘಾತಗಳು ಹಾಗೂ ಜನರಲ್ಲಿರುವ ಭಯ ಮತ್ತು ತಪ್ಪು ತಿಳುವಳಿಕೆಯಿಂದ ಇವುಗಳ ಹತ್ಯೆ ನಡೆಯುತ್ತಿದೆ. ಇಂಟರ್‌ನ್ಯಾಷನಲ್ ಯೂನಿಯನ್ ಫಾರ್ ಕನ್ಸರ್ವೇಶನ್ ಆಫ್ ನೇಚರ್ (IUCN) ಪ್ರಕಾರ ಈ ಪ್ರಭೇದವನ್ನು ಕನಿಷ್ಠ ಕಾಳಜಿ ವರ್ಗದಲ್ಲಿ ಸೇರಿಸಲಾಗಿದೆ. ಭಾರತದ ವನ್ಯಜೀವಿ ಸಂರಕ್ಷಣಾ ಕಾಯ್ದೆ 1972ರ ಅನುಸೂಚಿ (Schedule-II) ರ ಅಡಿಯಲ್ಲಿ ಸಂರಕ್ಷಿಸಲಾಗಿದೆ. ಆದರೆ ಸಂರಕ್ಷಣೆ ಎಂಬುದು ಕೇವಲ ಕಾನೂನಿನ ಜವಾಬ್ದಾರಿ ಅಲ್ಲ, ನಮ್ಮೆಲ್ಲರ ಕರ್ತವ್ಯವೂ ಹೌದು.
ಚಿತ್ರ-ಲೇಖನ
ಶಶಿಧರಸ್ವಾಮಿ ಆರ್. ಹಿರೇಮಠ
ಕದರಮಂಡಲಗಿ, ಹಾವೇರಿ-ಚಟ್ನಿ
9353965133
